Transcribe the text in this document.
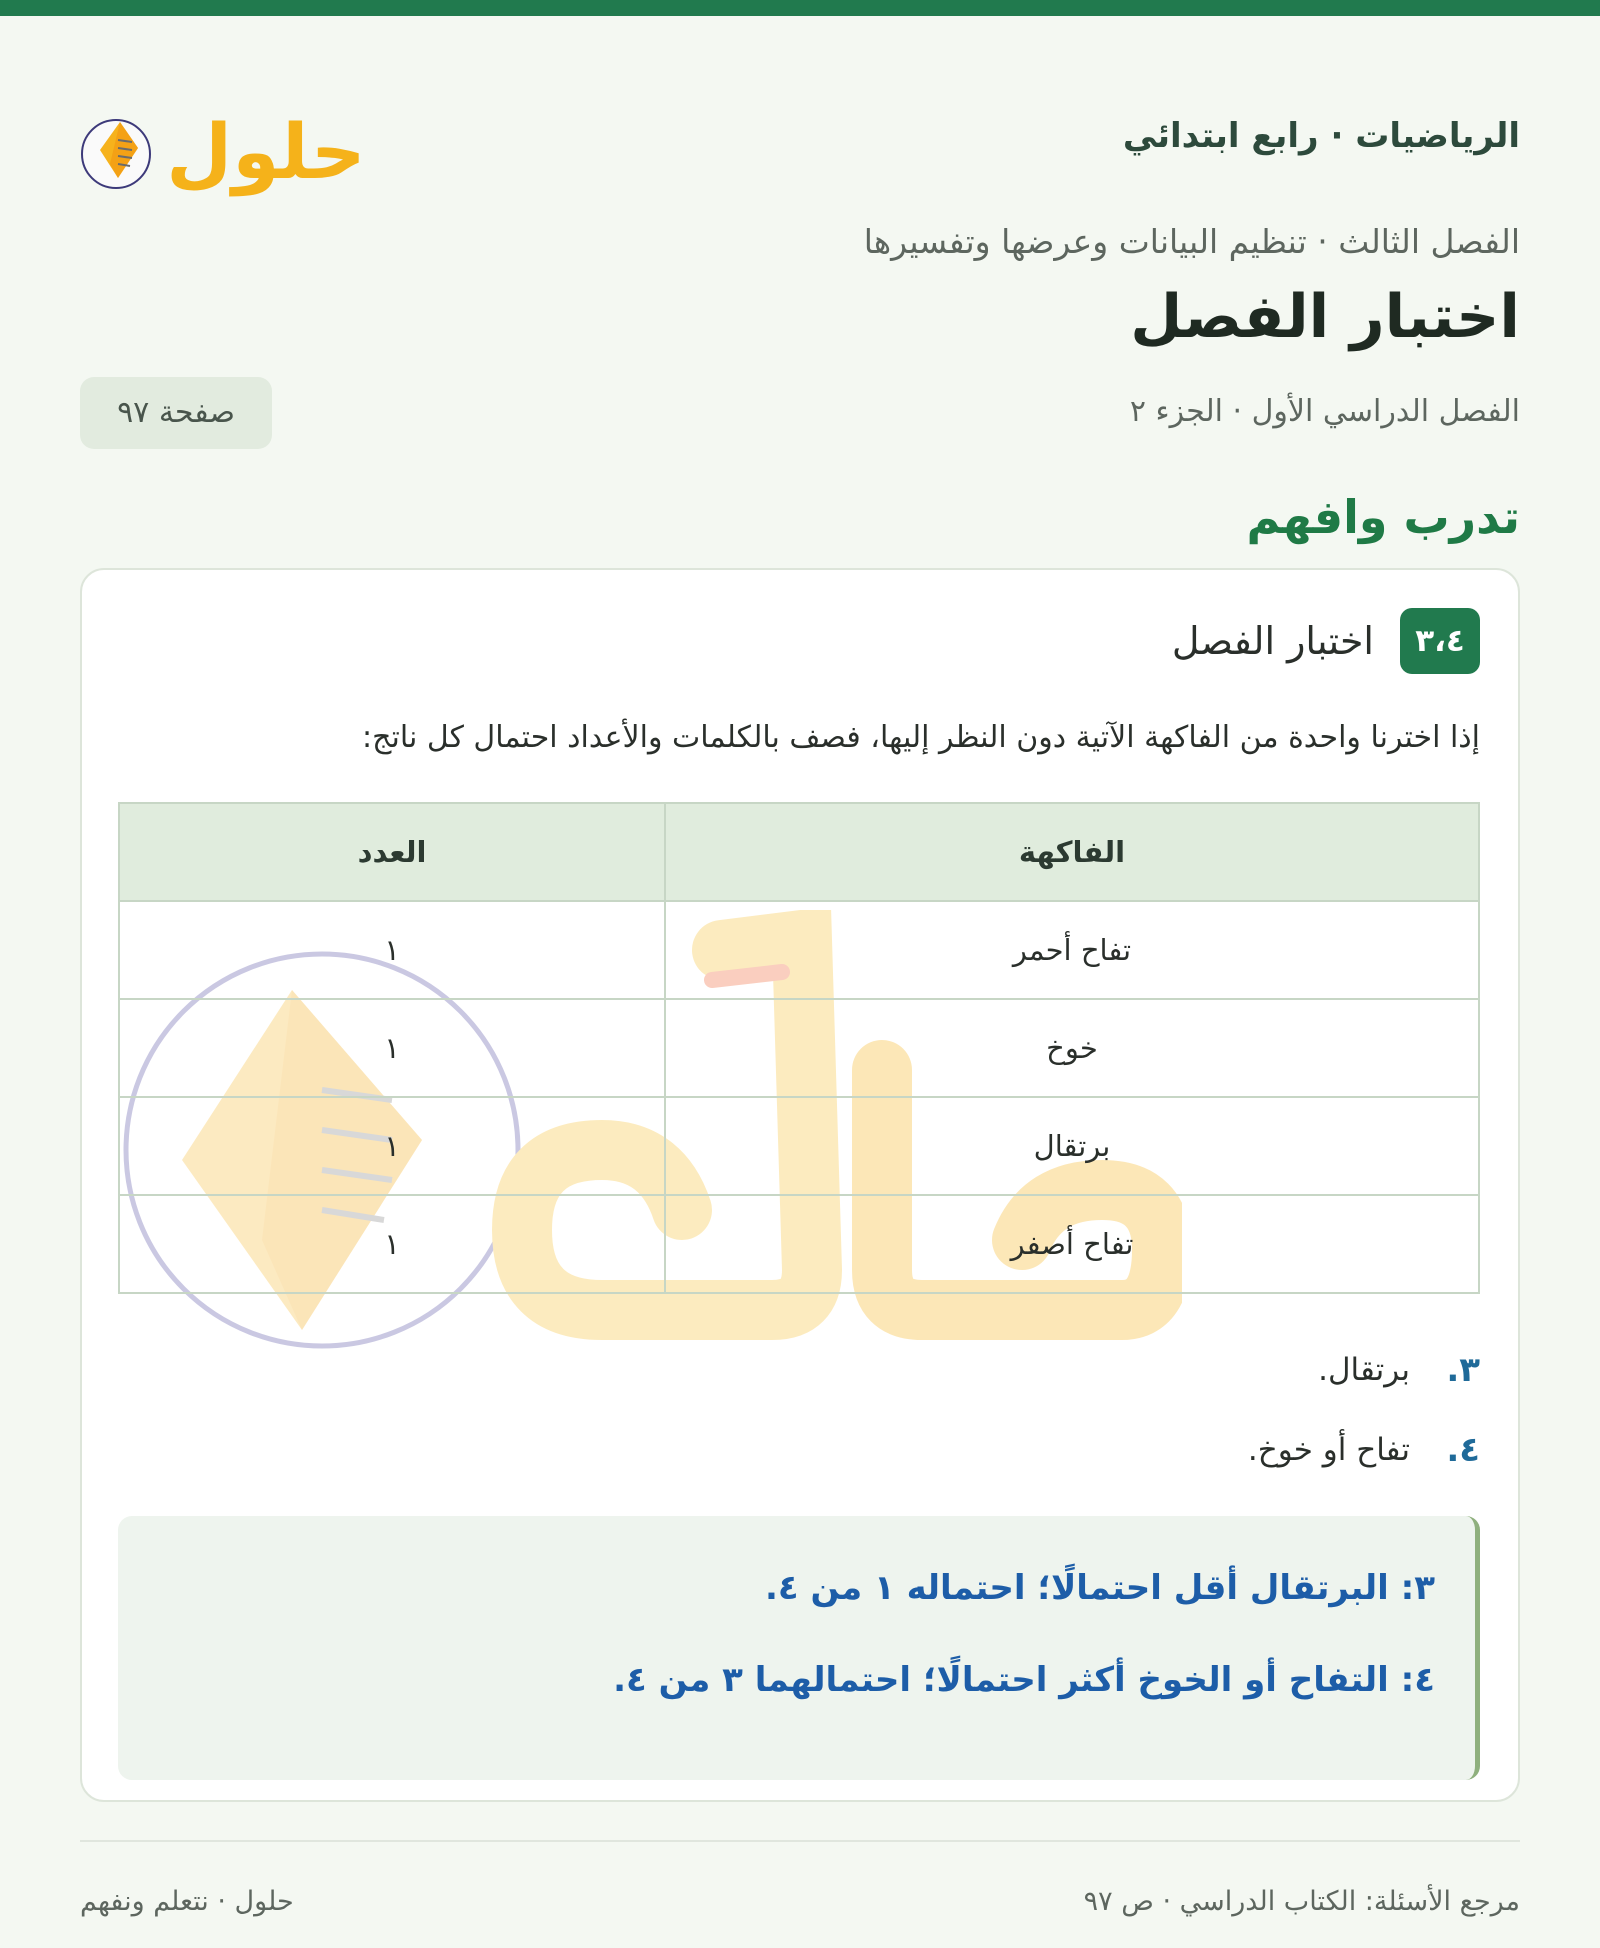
الرياضيات · رابع ابتدائي
حلول
الفصل الثالث · تنظيم البيانات وعرضها وتفسيرها
اختبار الفصل
الفصل الدراسي الأول · الجزء ٢
صفحة ٩٧
تدرب وافهم
٣،٤
اختبار الفصل
إذا اخترنا واحدة من الفاكهة الآتية دون النظر إليها، فصف بالكلمات والأعداد احتمال كل ناتج:
الفاكهة	العدد
تفاح أحمر	١
خوخ	١
برتقال	١
تفاح أصفر	١
٣.
برتقال.
٤.
تفاح أو خوخ.
٣: البرتقال أقل احتمالًا؛ احتماله ١ من ٤.
٤: التفاح أو الخوخ أكثر احتمالًا؛ احتمالهما ٣ من ٤.
مرجع الأسئلة: الكتاب الدراسي · ص ٩٧
حلول · نتعلم ونفهم
